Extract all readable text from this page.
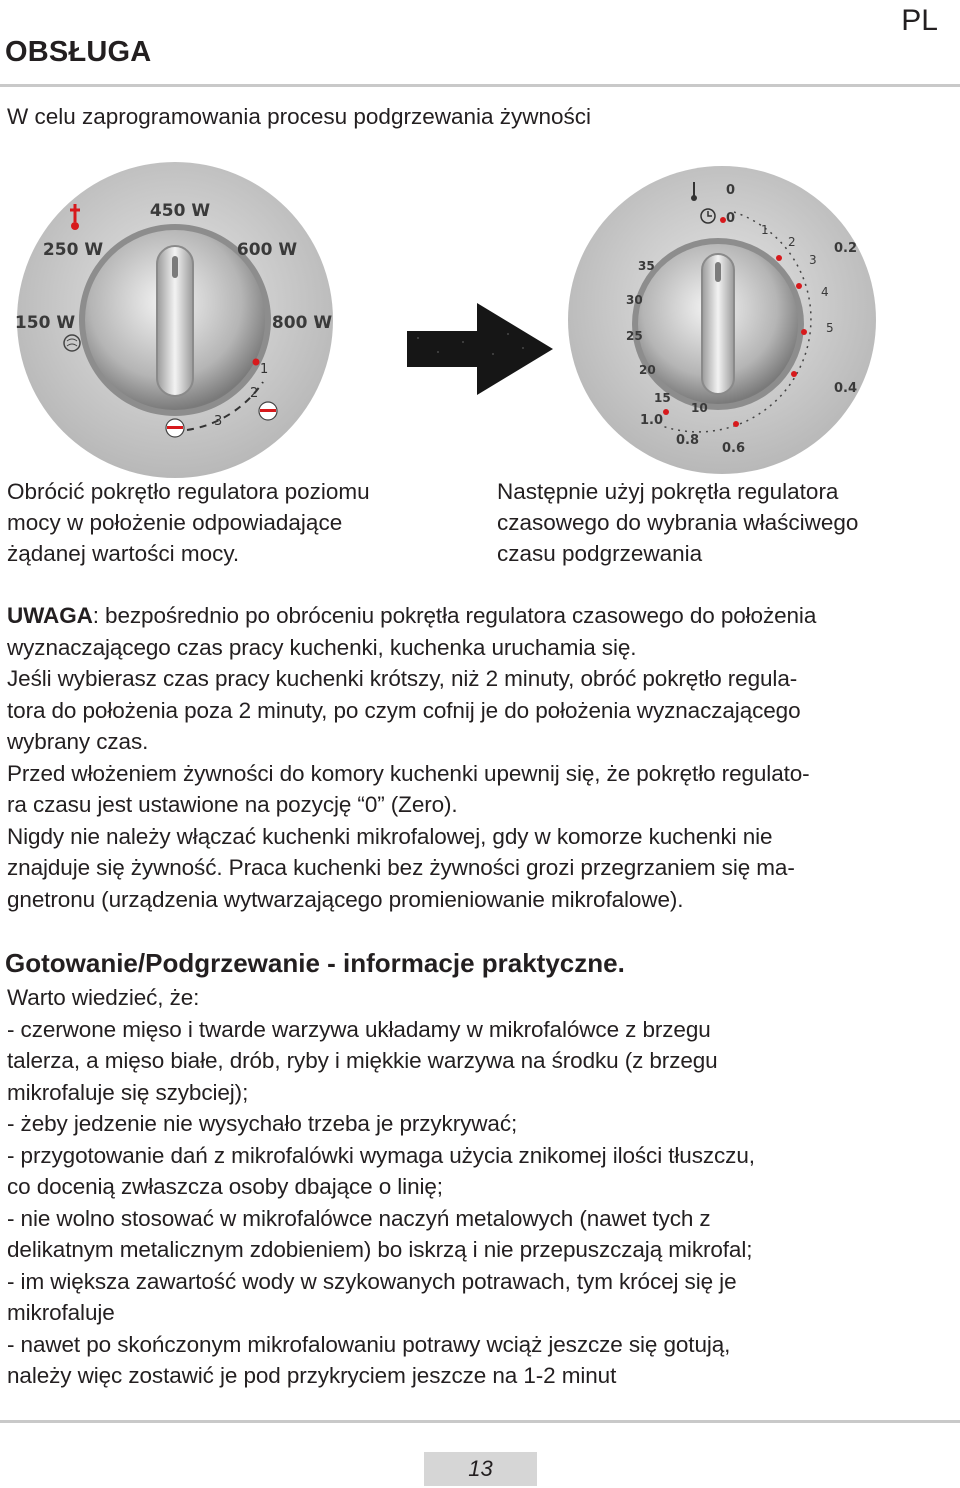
PL
OBSŁUGA
W celu zaprogramowania procesu podgrzewania żywności
450 W
250 W	600 W
150 W	800 W
1
2
3
0
0
1
2
3
0.2
4
5
35
30
25
20
15
10
1.0
0.8
0.6
0.4
Obrócić pokrętło regulatora poziomu
mocy w położenie odpowiadające
żądanej wartości mocy.
Następnie użyj pokrętła regulatora
czasowego do wybrania właściwego
czasu podgrzewania
UWAGA: bezpośrednio po obróceniu pokrętła regulatora czasowego do położenia
wyznaczającego czas pracy kuchenki, kuchenka uruchamia się.
Jeśli wybierasz czas pracy kuchenki krótszy, niż 2 minuty, obróć pokrętło regula-
tora do położenia poza 2 minuty, po czym cofnij je do położenia wyznaczającego
wybrany czas.
Przed włożeniem żywności do komory kuchenki upewnij się, że pokrętło regulato-
ra czasu jest ustawione na pozycję “0” (Zero).
Nigdy nie należy włączać kuchenki mikrofalowej, gdy w komorze kuchenki nie
znajduje się żywność. Praca kuchenki bez żywności grozi przegrzaniem się ma-
gnetronu (urządzenia wytwarzającego promieniowanie mikrofalowe).
Gotowanie/Podgrzewanie - informacje praktyczne.
Warto wiedzieć, że:
- czerwone mięso i twarde warzywa układamy w mikrofalówce z brzegu
talerza, a mięso białe, drób, ryby i miękkie warzywa na środku (z brzegu
mikrofaluje się szybciej);
- żeby jedzenie nie wysychało trzeba je przykrywać;
- przygotowanie dań z mikrofalówki wymaga użycia znikomej ilości tłuszczu,
co docenią zwłaszcza osoby dbające o linię;
- nie wolno stosować w mikrofalówce naczyń metalowych (nawet tych z
delikatnym metalicznym zdobieniem) bo iskrzą i nie przepuszczają mikrofal;
- im większa zawartość wody w szykowanych potrawach, tym krócej się je
mikrofaluje
- nawet po skończonym mikrofalowaniu potrawy wciąż jeszcze się gotują,
należy więc zostawić je pod przykryciem jeszcze na 1-2 minut
13
